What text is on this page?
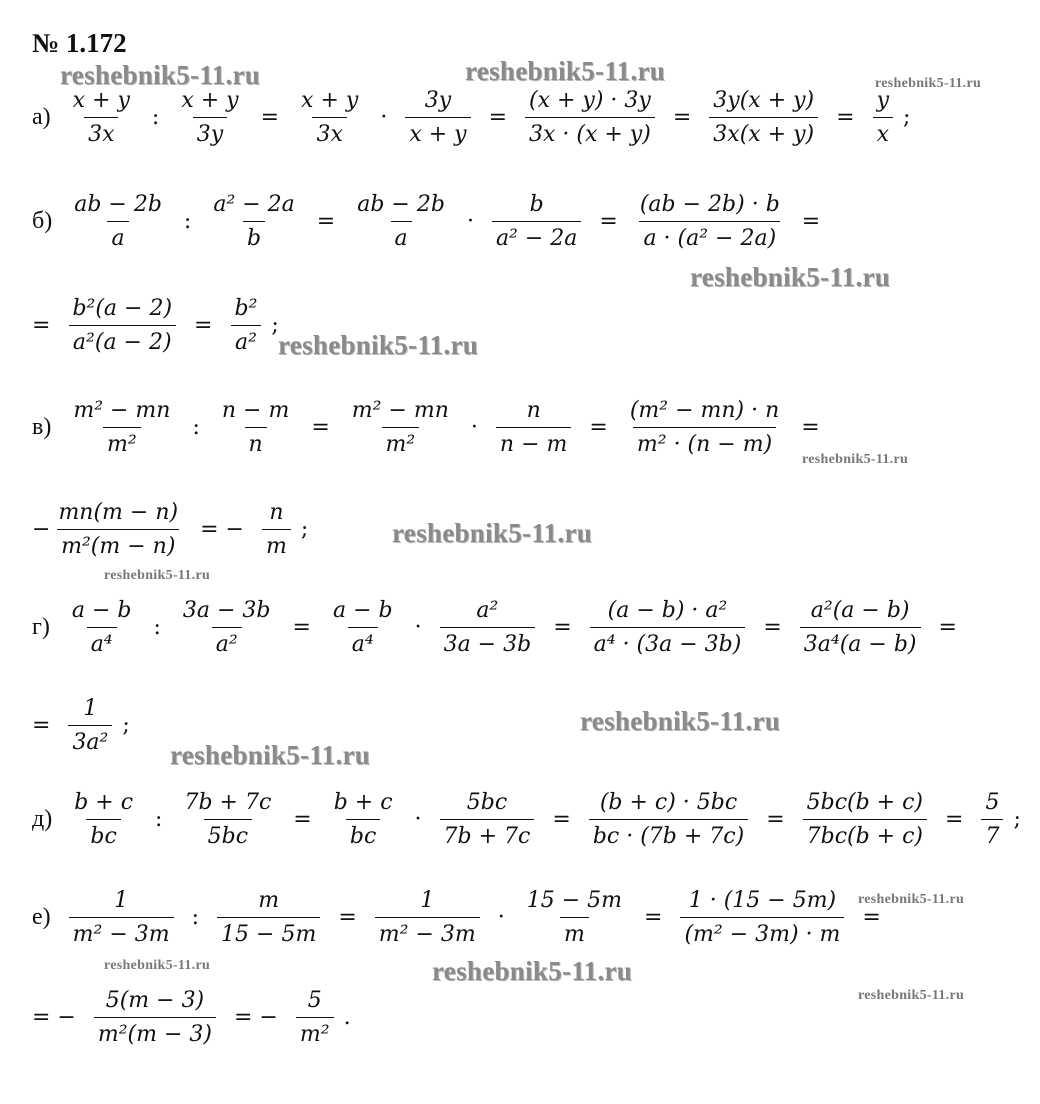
№ 1.172
$а) \frac{x + y}{3x}$ : $\frac{x + y}{3y} = \frac{x + y}{3x} \cdot \frac{3y}{x + y} = \frac{(x + y) \cdot 3y}{3x \cdot (x + y)} = \frac{3y(x + y)}{3x(x + y)} = \frac{y}{x}$ ;
$б) \frac{ab - 2b}{a}$ : $\frac{\text{a² − 2a}}{b} = \frac{ab - 2b}{a} \cdot \frac{b}{\text{a² − 2a}} = \frac{(ab - 2b) \cdot b}{\text{a · (a² − 2a)}}$ =
= $\frac{\text{b²(a − 2)}}{\text{a²(a − 2)}} = \frac{\text{b²}}{\text{a²}}$ ;
$в) \frac{\text{m² − mn}}{\text{m²}}$ : $\frac{n - m}{n} = \frac{\text{m² − mn}}{\text{m²}} \cdot \frac{n}{n - m} = \frac{\text{(m² − mn) · n}}{\text{m² · (n − m)}}$ =
− $\frac{mn(m - n)}{\text{m²(m − n)}}$ = − $\frac{n}{m}$ ;
$г) \frac{a - b}{\text{a⁴}}$ : $\frac{3a - 3b}{\text{a²}} = \frac{a - b}{\text{a⁴}} \cdot \frac{\text{a²}}{3a - 3b} = \frac{\text{(a − b) · a²}}{\text{a⁴ · (3a − 3b)}} = \frac{\text{a²(a − b)}}{\text{3a⁴(a − b)}}$ =
= $\frac{1}{\text{3a²}}$ ;
$д) \frac{b + c}{bc}$ : $\frac{7b + 7c}{5bc} = \frac{b + c}{bc} \cdot \frac{5bc}{7b + 7c} = \frac{(b + c) \cdot 5bc}{bc \cdot (7b + 7c)} = \frac{5bc(b + c)}{7bc(b + c)} = \frac{5}{7}$ ;
$е) \frac{1}{\text{m² − 3m}}$ : $\frac{m}{15 - 5m} = \frac{1}{\text{m² − 3m}} \cdot \frac{15 - 5m}{m} = \frac{1 \cdot (15 - 5m)}{\text{(m² − 3m) · m}}$ =
= − $\frac{5(m - 3)}{\text{m²(m − 3)}}$ = − $\frac{5}{\text{m²}}$ .
reshebnik5-11.ru	reshebnik5-11.ru	reshebnik5-11.ru
reshebnik5-11.ru
reshebnik5-11.ru
reshebnik5-11.ru
reshebnik5-11.ru
reshebnik5-11.ru
reshebnik5-11.ru
reshebnik5-11.ru
reshebnik5-11.ru
reshebnik5-11.ru	reshebnik5-11.ru
reshebnik5-11.ru
